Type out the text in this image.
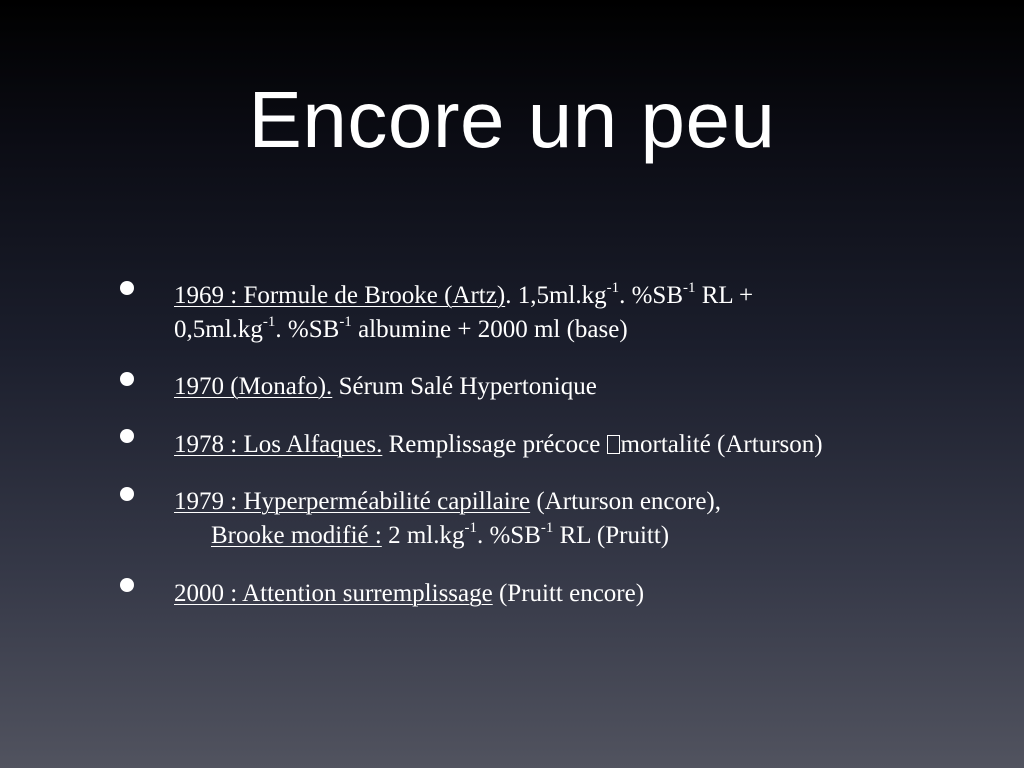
Encore un peu
1969 : Formule de Brooke (Artz). $1,5ml.kg^{-1}$. $\%SB^{-1}$ RL +
$0,5ml.kg^{-1}$. $\%SB^{-1}$ albumine + 2000 ml (base)
1970 (Monafo). Sérum Salé Hypertonique
1978 : Los Alfaques. Remplissage précoce mortalité (Arturson)
1979 : Hyperperméabilité capillaire (Arturson encore),
Brooke modifié : 2 $ml.kg^{-1}$. $\%SB^{-1}$ RL (Pruitt)
2000 : Attention surremplissage (Pruitt encore)
